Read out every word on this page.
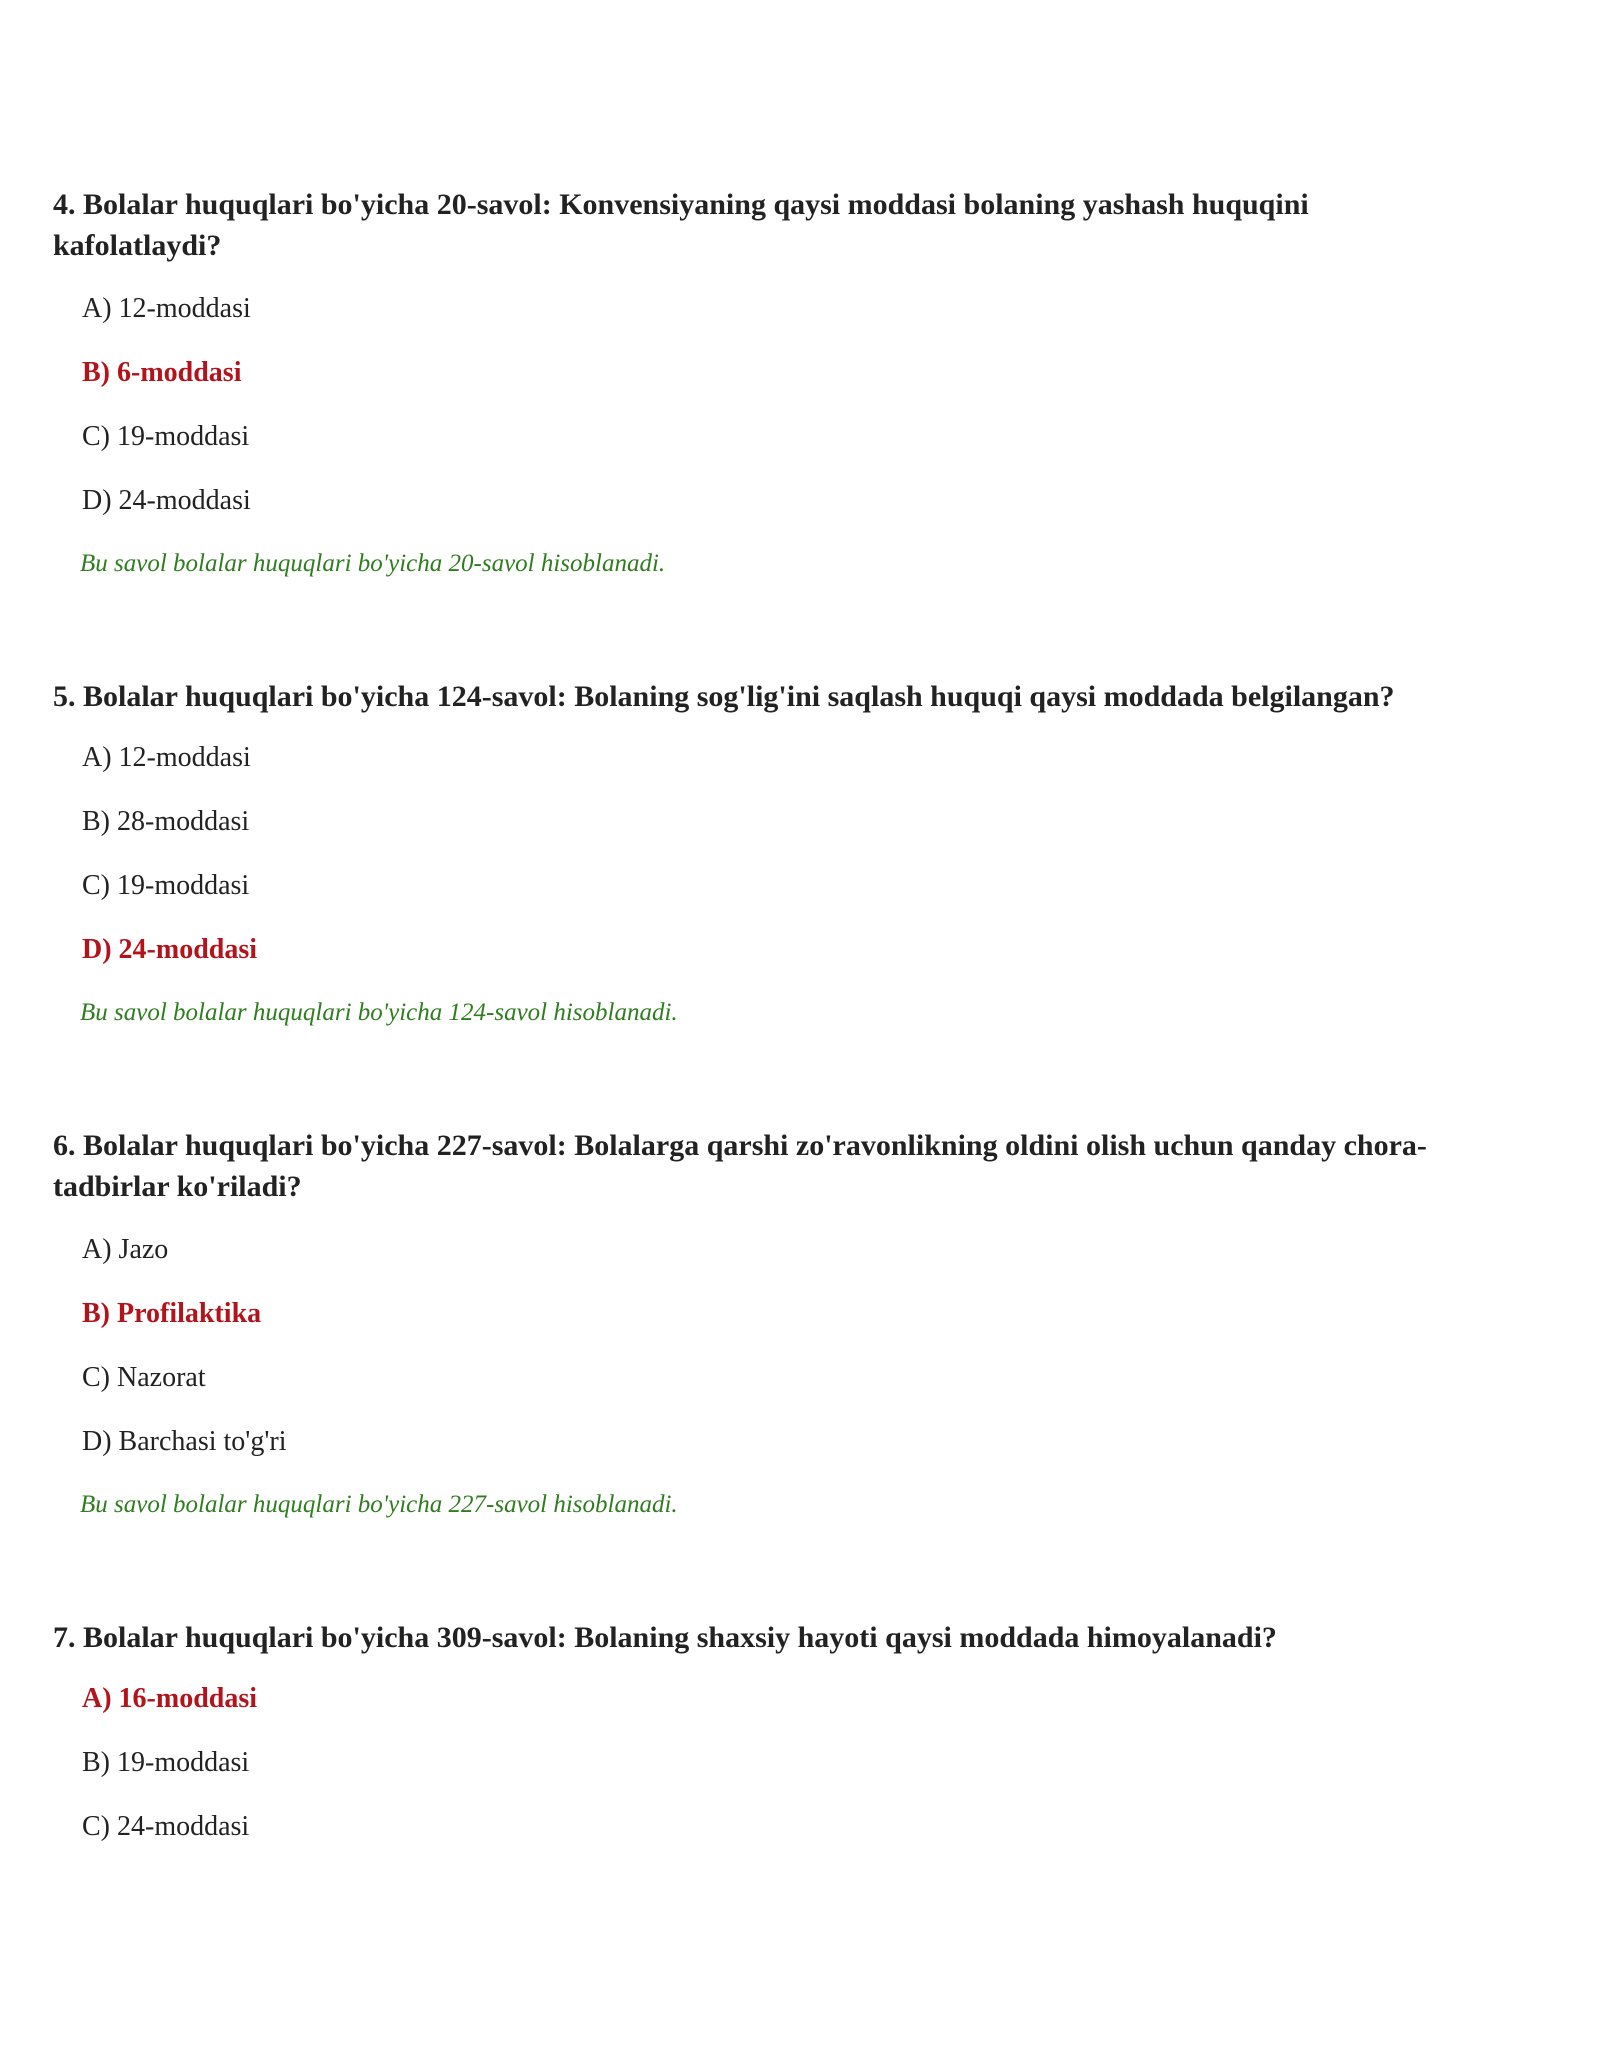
4. Bolalar huquqlari bo'yicha 20-savol: Konvensiyaning qaysi moddasi bolaning yashash huquqini kafolatlaydi?

A) 12-moddasi
B) 6-moddasi
C) 19-moddasi
D) 24-moddasi
Bu savol bolalar huquqlari bo'yicha 20-savol hisoblanadi.

5. Bolalar huquqlari bo'yicha 124-savol: Bolaning sog'lig'ini saqlash huquqi qaysi moddada belgilangan?

A) 12-moddasi
B) 28-moddasi
C) 19-moddasi
D) 24-moddasi
Bu savol bolalar huquqlari bo'yicha 124-savol hisoblanadi.

6. Bolalar huquqlari bo'yicha 227-savol: Bolalarga qarshi zo'ravonlikning oldini olish uchun qanday chora-tadbirlar ko'riladi?

A) Jazo
B) Profilaktika
C) Nazorat
D) Barchasi to'g'ri
Bu savol bolalar huquqlari bo'yicha 227-savol hisoblanadi.

7. Bolalar huquqlari bo'yicha 309-savol: Bolaning shaxsiy hayoti qaysi moddada himoyalanadi?

A) 16-moddasi
B) 19-moddasi
C) 24-moddasi
